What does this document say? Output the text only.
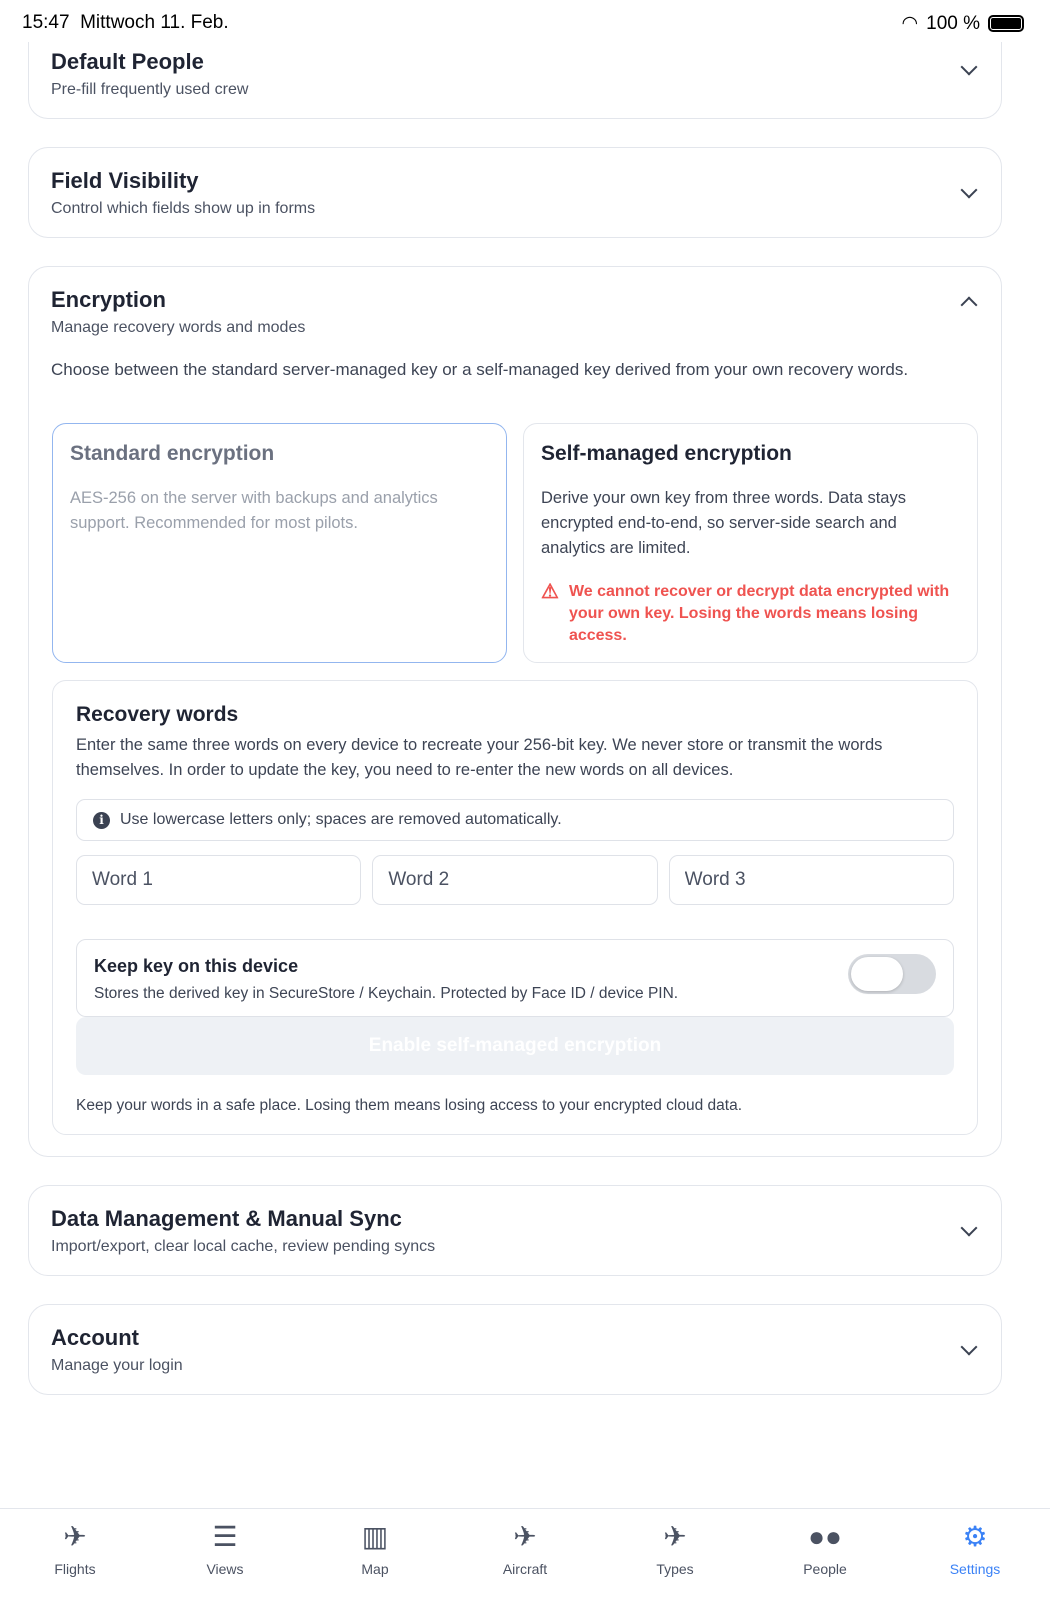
Default People

Pre-fill frequently used crew

Field Visibility

Control which fields show up in forms

Encryption

Manage recovery words and modes

Choose between the standard server-managed key or a self-managed key derived from your own recovery words.

Standard encryption

AES-256 on the server with backups and analytics support. Recommended for most pilots.

Self-managed encryption

Derive your own key from three words. Data stays encrypted end-to-end, so server-side search and analytics are limited.

⚠ We cannot recover or decrypt data encrypted with your own key. Losing the words means losing access.
Recovery words

Enter the same three words on every device to recreate your 256-bit key. We never store or transmit the words themselves. In order to update the key, you need to re-enter the new words on all devices.

i	Use lowercase letters only; spaces are removed automatically.
Word 1
Word 2
Word 3
Keep key on this device

Stores the derived key in SecureStore / Keychain. Protected by Face ID / device PIN.

Enable self-managed encryption

Keep your words in a safe place. Losing them means losing access to your encrypted cloud data.

Data Management & Manual Sync

Import/export, clear local cache, review pending syncs

Account

Manage your login

15:47 Mittwoch 11. Feb.	◠ 100 %
✈
Flights
☰
Views
▥
Map
✈
Aircraft
✈
Types
●●
People
⚙
Settings
